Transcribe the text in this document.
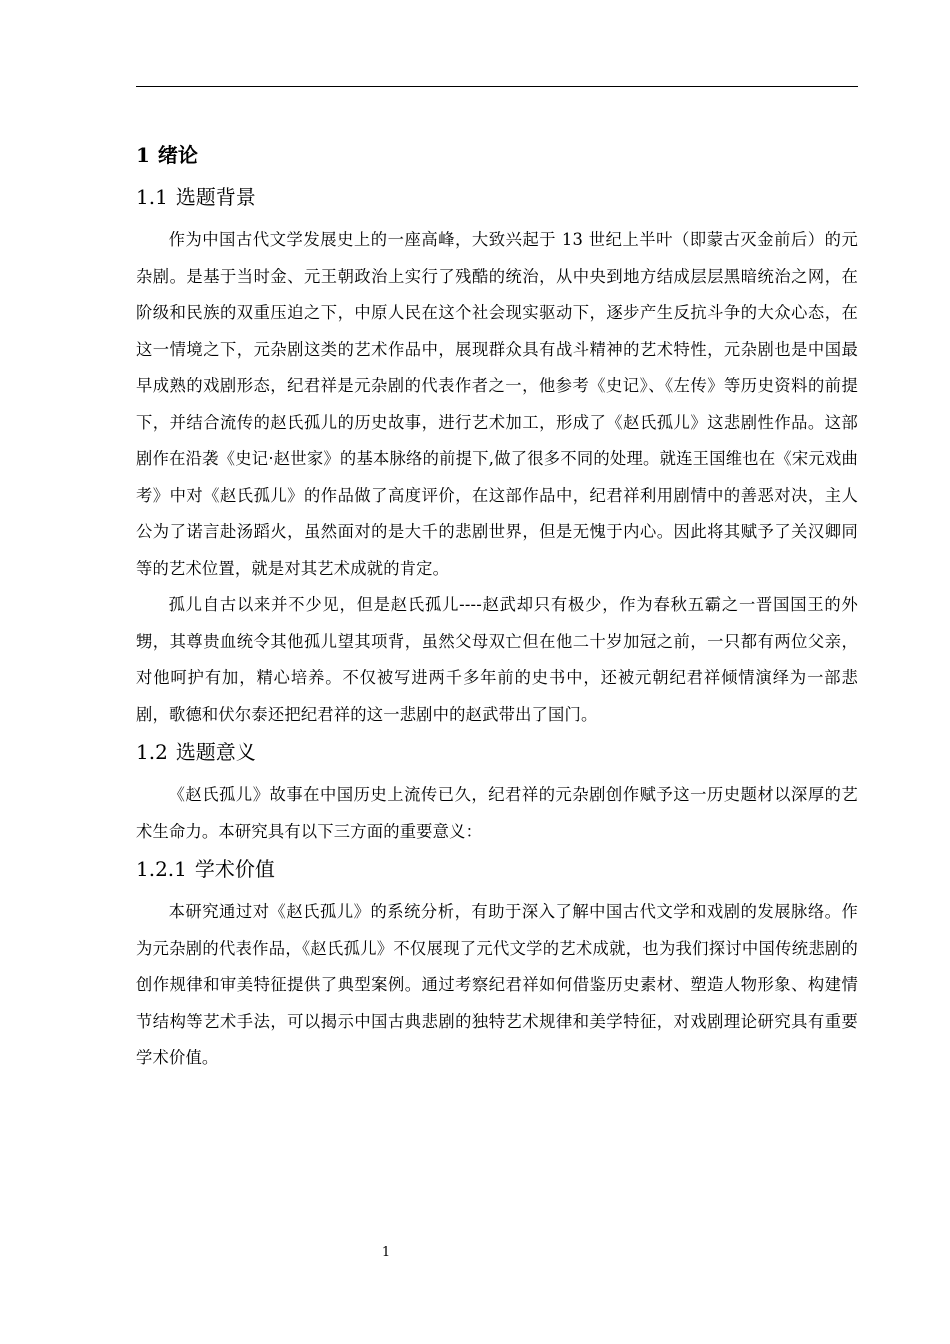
1 绪论
1.1 选题背景

作为中国古代文学发展史上的一座高峰，大致兴起于 13 世纪上半叶（即蒙古灭金前后）的元杂剧。是基于当时金、元王朝政治上实行了残酷的统治，从中央到地方结成层层黑暗统治之网，在阶级和民族的双重压迫之下，中原人民在这个社会现实驱动下，逐步产生反抗斗争的大众心态，在这一情境之下，元杂剧这类的艺术作品中，展现群众具有战斗精神的艺术特性，元杂剧也是中国最早成熟的戏剧形态，纪君祥是元杂剧的代表作者之一，他参考《史记》、《左传》等历史资料的前提下，并结合流传的赵氏孤儿的历史故事，进行艺术加工，形成了《赵氏孤儿》这悲剧性作品。这部剧作在沿袭《史记·赵世家》的基本脉络的前提下,做了很多不同的处理。就连王国维也在《宋元戏曲考》中对《赵氏孤儿》的作品做了高度评价，在这部作品中，纪君祥利用剧情中的善恶对决，主人公为了诺言赴汤蹈火，虽然面对的是大千的悲剧世界，但是无愧于内心。因此将其赋予了关汉卿同等的艺术位置，就是对其艺术成就的肯定。

孤儿自古以来并不少见，但是赵氏孤儿----赵武却只有极少，作为春秋五霸之一晋国国王的外甥，其尊贵血统令其他孤儿望其项背，虽然父母双亡但在他二十岁加冠之前，一只都有两位父亲，对他呵护有加，精心培养。不仅被写进两千多年前的史书中，还被元朝纪君祥倾情演绎为一部悲剧，歌德和伏尔泰还把纪君祥的这一悲剧中的赵武带出了国门。

1.2 选题意义

《赵氏孤儿》故事在中国历史上流传已久，纪君祥的元杂剧创作赋予这一历史题材以深厚的艺术生命力。本研究具有以下三方面的重要意义：

1.2.1 学术价值

本研究通过对《赵氏孤儿》的系统分析，有助于深入了解中国古代文学和戏剧的发展脉络。作为元杂剧的代表作品，《赵氏孤儿》不仅展现了元代文学的艺术成就，也为我们探讨中国传统悲剧的创作规律和审美特征提供了典型案例。通过考察纪君祥如何借鉴历史素材、塑造人物形象、构建情节结构等艺术手法，可以揭示中国古典悲剧的独特艺术规律和美学特征，对戏剧理论研究具有重要学术价值。

1
